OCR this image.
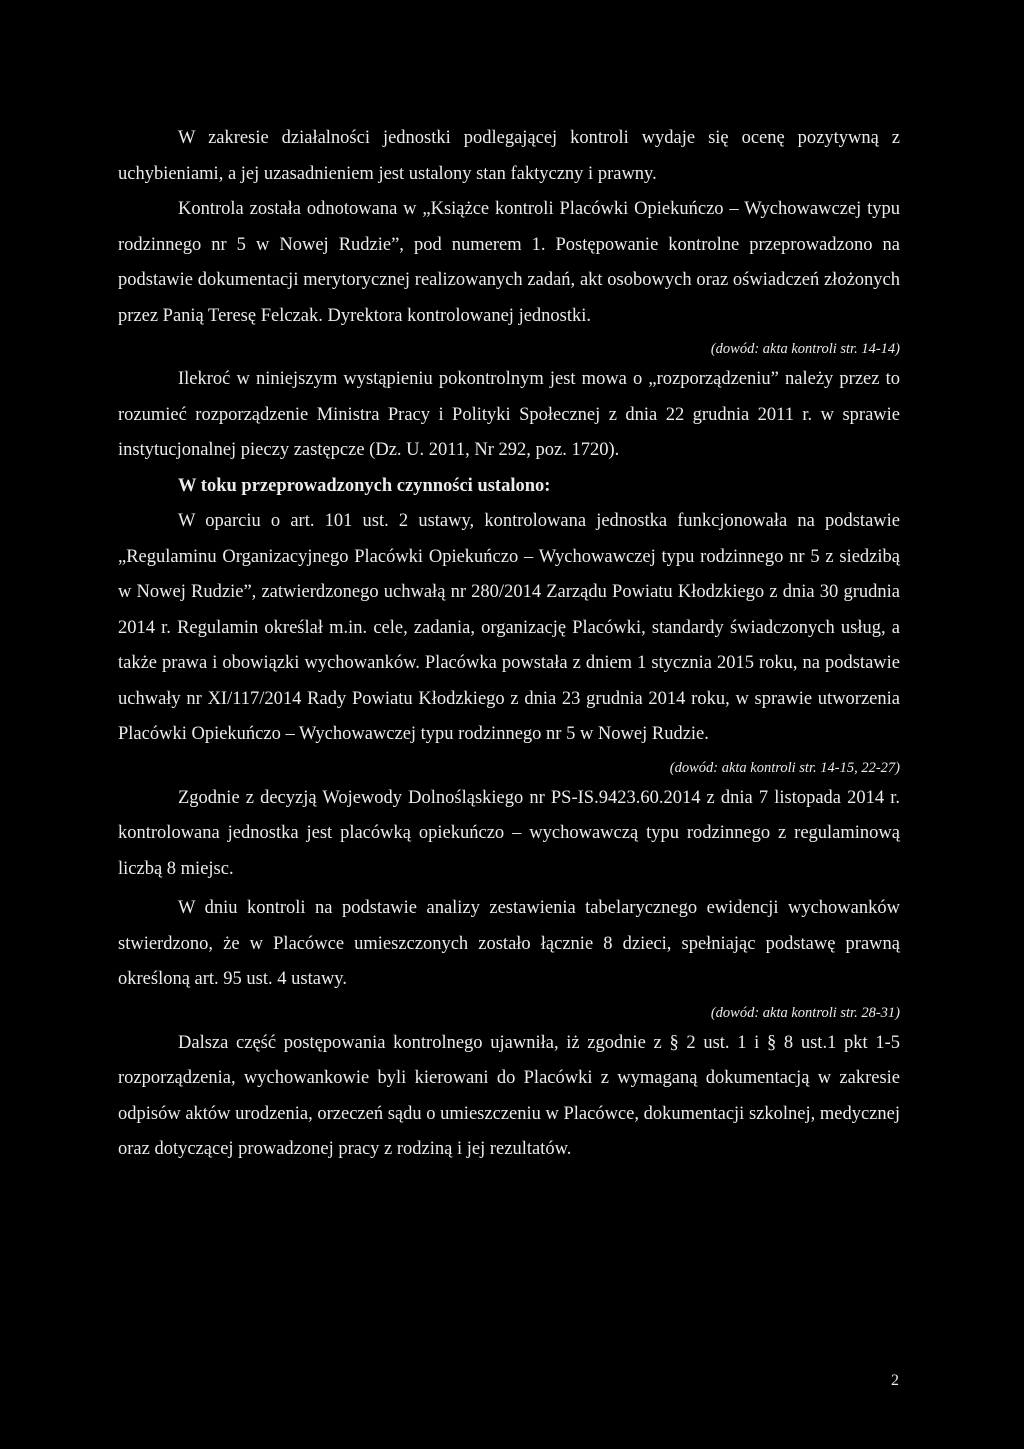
W zakresie działalności jednostki podlegającej kontroli wydaje się ocenę pozytywną z uchybieniami, a jej uzasadnieniem jest ustalony stan faktyczny i prawny.

Kontrola została odnotowana w „Książce kontroli Placówki Opiekuńczo – Wychowawczej typu rodzinnego nr 5 w Nowej Rudzie”, pod numerem 1. Postępowanie kontrolne przeprowadzono na podstawie dokumentacji merytorycznej realizowanych zadań, akt osobowych oraz oświadczeń złożonych przez Panią Teresę Felczak. Dyrektora kontrolowanej jednostki.

(dowód: akta kontroli str. 14-14)

Ilekroć w niniejszym wystąpieniu pokontrolnym jest mowa o „rozporządzeniu” należy przez to rozumieć rozporządzenie Ministra Pracy i Polityki Społecznej z dnia 22 grudnia 2011 r. w sprawie instytucjonalnej pieczy zastępcze (Dz. U. 2011, Nr 292, poz. 1720).

W toku przeprowadzonych czynności ustalono:

W oparciu o art. 101 ust. 2 ustawy, kontrolowana jednostka funkcjonowała na podstawie „Regulaminu Organizacyjnego Placówki Opiekuńczo – Wychowawczej typu rodzinnego nr 5 z siedzibą w Nowej Rudzie”, zatwierdzonego uchwałą nr 280/2014 Zarządu Powiatu Kłodzkiego z dnia 30 grudnia 2014 r. Regulamin określał m.in. cele, zadania, organizację Placówki, standardy świadczonych usług, a także prawa i obowiązki wychowanków. Placówka powstała z dniem 1 stycznia 2015 roku, na podstawie uchwały nr XI/117/2014 Rady Powiatu Kłodzkiego z dnia 23 grudnia 2014 roku, w sprawie utworzenia Placówki Opiekuńczo – Wychowawczej typu rodzinnego nr 5 w Nowej Rudzie.

(dowód: akta kontroli str. 14-15, 22-27)

Zgodnie z decyzją Wojewody Dolnośląskiego nr PS-IS.9423.60.2014 z dnia 7 listopada 2014 r. kontrolowana jednostka jest placówką opiekuńczo – wychowawczą typu rodzinnego z regulaminową liczbą 8 miejsc.

W dniu kontroli na podstawie analizy zestawienia tabelarycznego ewidencji wychowanków stwierdzono, że w Placówce umieszczonych zostało łącznie 8 dzieci, spełniając podstawę prawną określoną art. 95 ust. 4 ustawy.

(dowód: akta kontroli str. 28-31)

Dalsza część postępowania kontrolnego ujawniła, iż zgodnie z § 2 ust. 1 i § 8 ust.1 pkt 1-5 rozporządzenia, wychowankowie byli kierowani do Placówki z wymaganą dokumentacją w zakresie odpisów aktów urodzenia, orzeczeń sądu o umieszczeniu w Placówce, dokumentacji szkolnej, medycznej oraz dotyczącej prowadzonej pracy z rodziną i jej rezultatów.

2
